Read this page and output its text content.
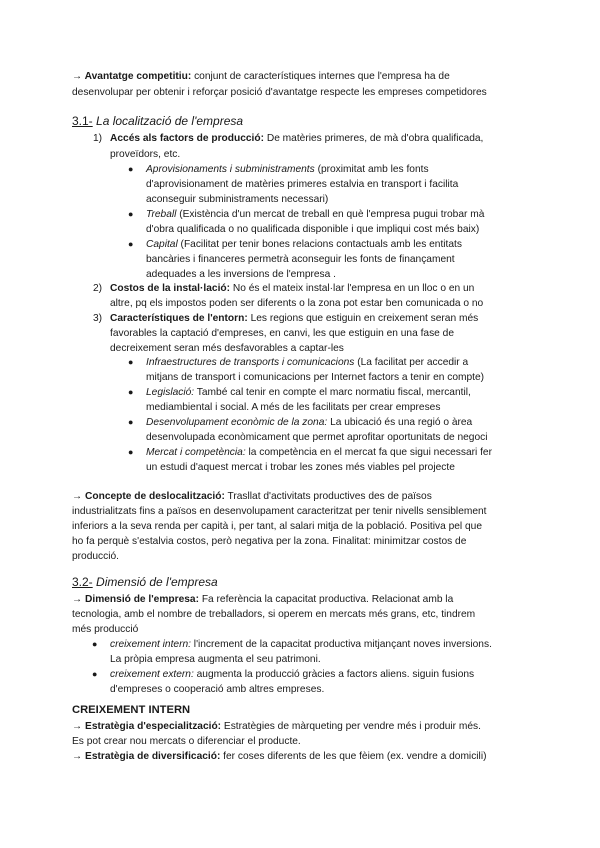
→ Avantatge competitiu: conjunt de característiques internes que l'empresa ha de
desenvolupar per obtenir i reforçar posició d'avantatge respecte les empreses competidores
3.1- La localització de l'empresa
1) Accés als factors de producció: De matèries primeres, de mà d'obra qualificada,
proveïdors, etc.
● Aprovisionaments i subministraments (proximitat amb les fonts
d'aprovisionament de matèries primeres estalvia en transport i facilita
aconseguir subministraments necessari)
● Treball (Existència d'un mercat de treball en què l'empresa pugui trobar mà
d'obra qualificada o no qualificada disponible i que impliqui cost més baix)
● Capital (Facilitat per tenir bones relacions contactuals amb les entitats
bancàries i financeres permetrà aconseguir les fonts de finançament
adequades a les inversions de l'empresa .
2) Costos de la instal·lació: No és el mateix instal·lar l'empresa en un lloc o en un
altre, pq els impostos poden ser diferents o la zona pot estar ben comunicada o no
3) Característiques de l'entorn: Les regions que estiguin en creixement seran més
favorables la captació d'empreses, en canvi, les que estiguin en una fase de
decreixement seran més desfavorables a captar-les
● Infraestructures de transports i comunicacions (La facilitat per accedir a
mitjans de transport i comunicacions per Internet factors a tenir en compte)
● Legislació: També cal tenir en compte el marc normatiu fiscal, mercantil,
mediambiental i social. A més de les facilitats per crear empreses
● Desenvolupament econòmic de la zona: La ubicació és una regió o àrea
desenvolupada econòmicament que permet aprofitar oportunitats de negoci
● Mercat i competència: la competència en el mercat fa que sigui necessari fer
un estudi d'aquest mercat i trobar les zones més viables pel projecte
→ Concepte de deslocalització: Trasllat d'activitats productives des de països
industrialitzats fins a països en desenvolupament caracteritzat per tenir nivells sensiblement
inferiors a la seva renda per capità i, per tant, al salari mitja de la població. Positiva pel que
ho fa perquè s'estalvia costos, però negativa per la zona. Finalitat: minimitzar costos de
producció.
3.2- Dimensió de l'empresa
→ Dimensió de l'empresa: Fa referència la capacitat productiva. Relacionat amb la
tecnologia, amb el nombre de treballadors, si operem en mercats més grans, etc, tindrem
més producció
● creixement intern: l'increment de la capacitat productiva mitjançant noves inversions.
La pròpia empresa augmenta el seu patrimoni.
● creixement extern: augmenta la producció gràcies a factors aliens. siguin fusions
d'empreses o cooperació amb altres empreses.
CREIXEMENT INTERN
→ Estratègia d'especialització: Estratègies de màrqueting per vendre més i produir més.
Es pot crear nou mercats o diferenciar el producte.
→ Estratègia de diversificació: fer coses diferents de les que fèiem (ex. vendre a domicili)
